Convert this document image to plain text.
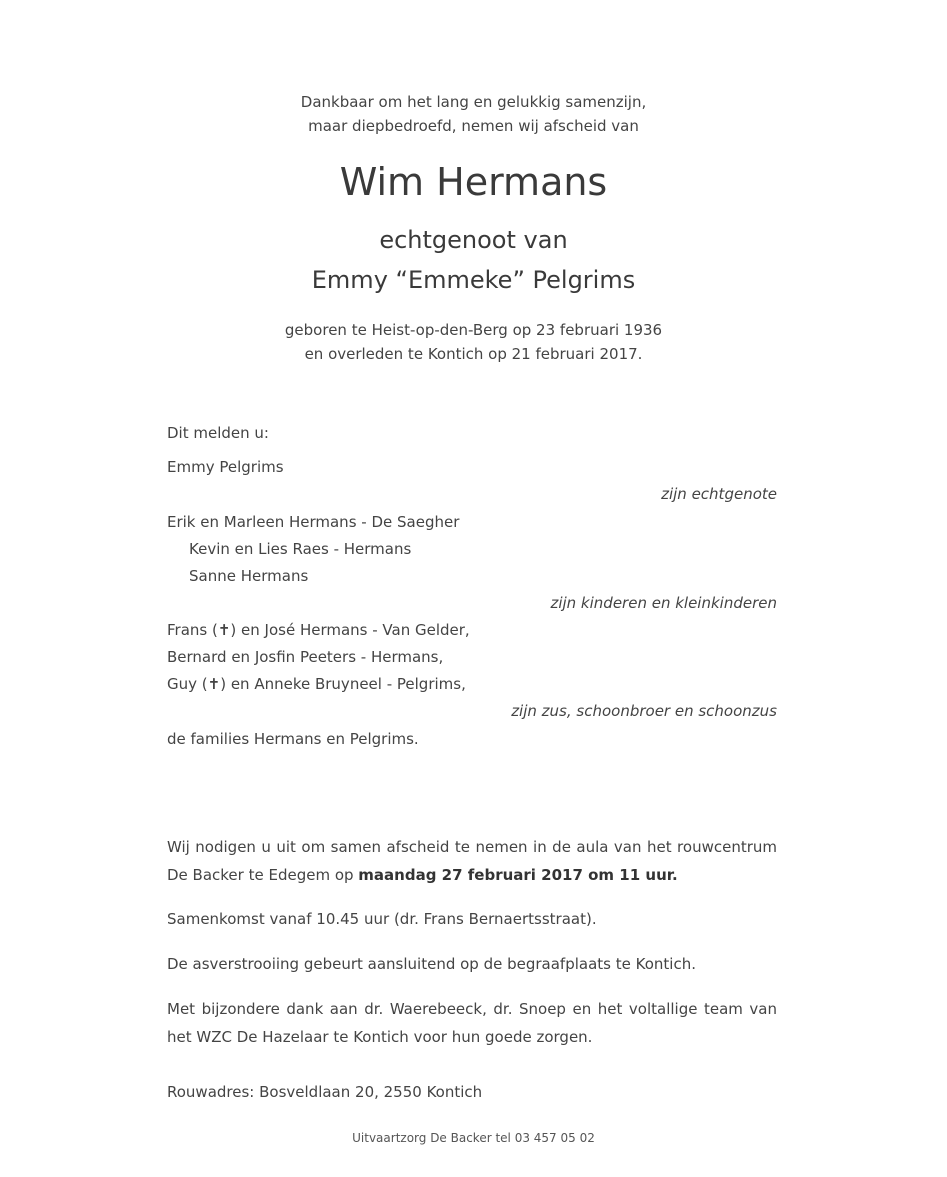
Dankbaar om het lang en gelukkig samenzijn,
maar diepbedroefd, nemen wij afscheid van
Wim Hermans
echtgenoot van
Emmy “Emmeke” Pelgrims
geboren te Heist-op-den-Berg op 23 februari 1936
en overleden te Kontich op 21 februari 2017.
Dit melden u:
Emmy Pelgrims
zijn echtgenote
Erik en Marleen Hermans - De Saegher
Kevin en Lies Raes - Hermans
Sanne Hermans
zijn kinderen en kleinkinderen
Frans (✝) en José Hermans - Van Gelder,
Bernard en Josfin Peeters - Hermans,
Guy (✝) en Anneke Bruyneel - Pelgrims,
zijn zus, schoonbroer en schoonzus
de families Hermans en Pelgrims.
Wij nodigen u uit om samen afscheid te nemen in de aula van het rouwcentrum De Backer te Edegem op maandag 27 februari 2017 om 11 uur.
Samenkomst vanaf 10.45 uur (dr. Frans Bernaertsstraat).
De asverstrooiing gebeurt aansluitend op de begraafplaats te Kontich.
Met bijzondere dank aan dr. Waerebeeck, dr. Snoep en het voltallige team van het WZC De Hazelaar te Kontich voor hun goede zorgen.
Rouwadres: Bosveldlaan 20, 2550 Kontich
Uitvaartzorg De Backer tel 03 457 05 02
